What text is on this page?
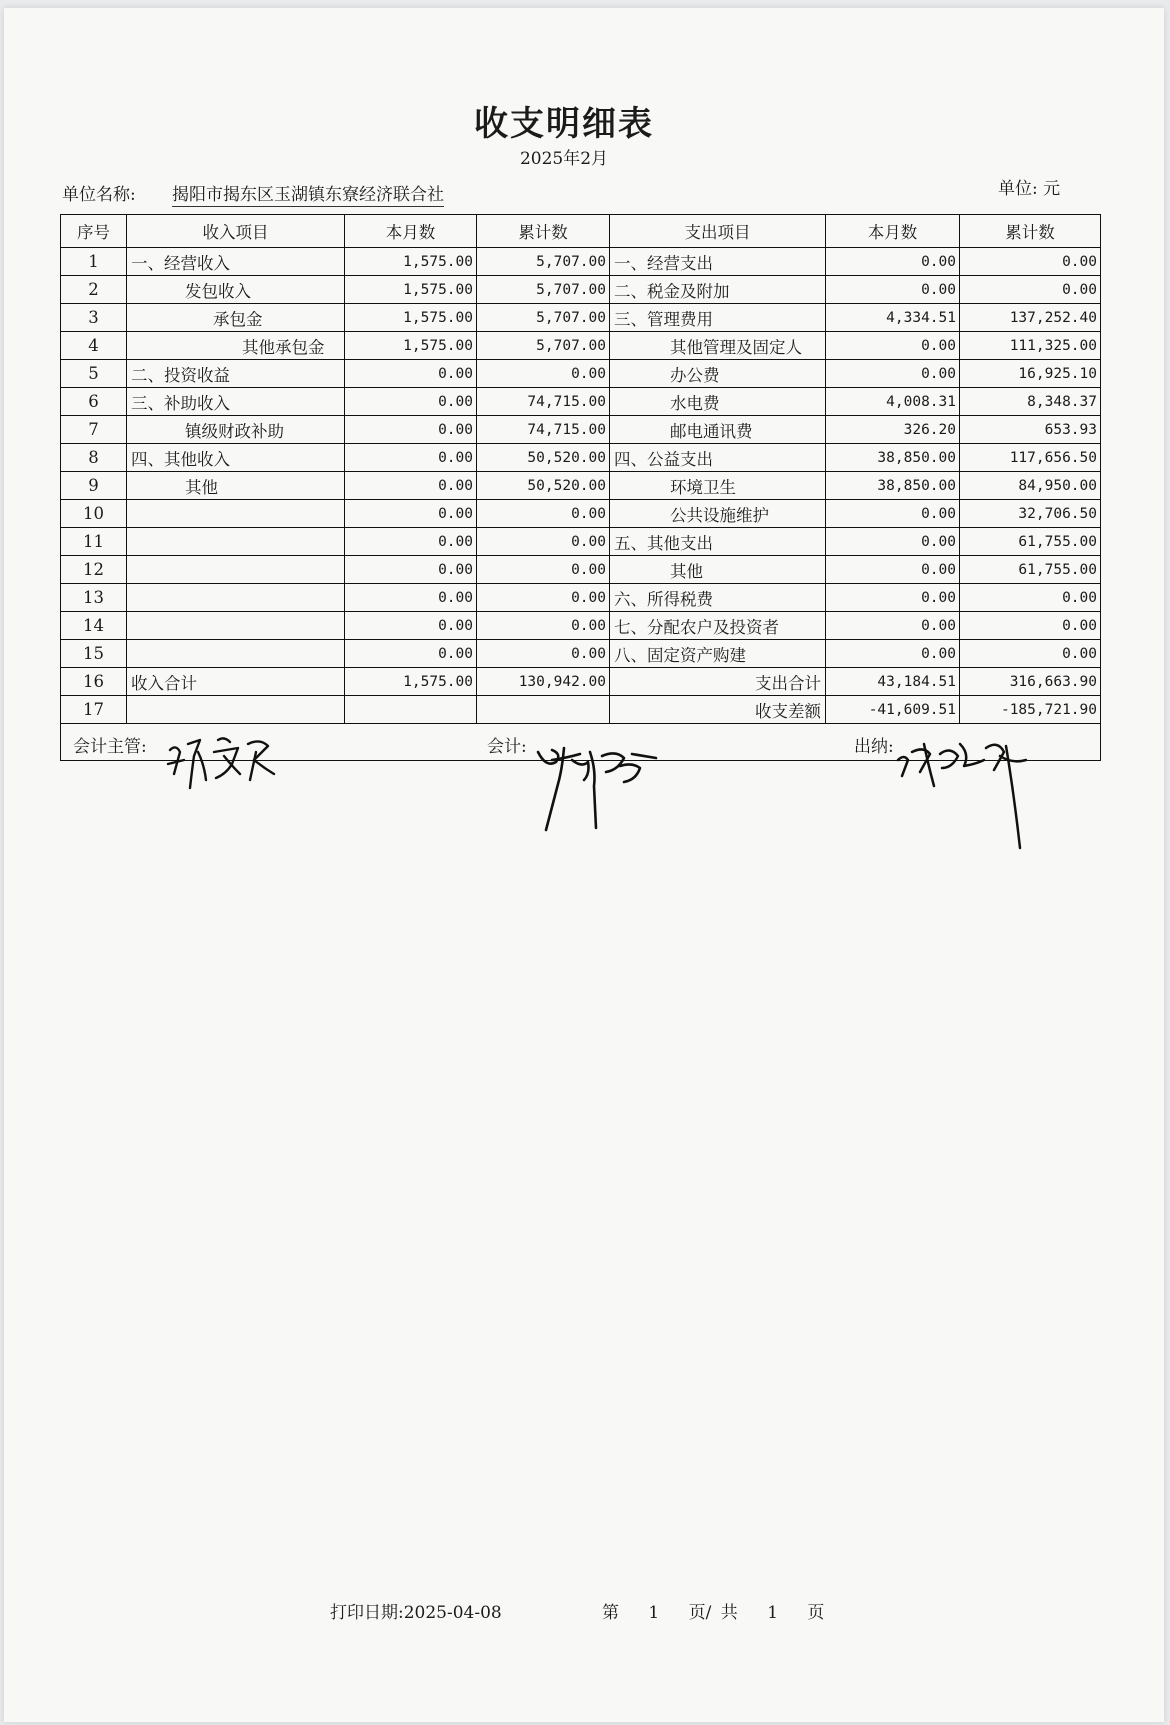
收支明细表
2025年2月
单位名称: 揭阳市揭东区玉湖镇东寮经济联合社	单位: 元
序号	收入项目	本月数	累计数	支出项目	本月数	累计数
1	一、经营收入	1,575.00	5,707.00	一、经营支出	0.00	0.00
2	发包收入	1,575.00	5,707.00	二、税金及附加	0.00	0.00
3	承包金	1,575.00	5,707.00	三、管理费用	4,334.51	137,252.40
4	其他承包金	1,575.00	5,707.00	其他管理及固定人	0.00	111,325.00
5	二、投资收益	0.00	0.00	办公费	0.00	16,925.10
6	三、补助收入	0.00	74,715.00	水电费	4,008.31	8,348.37
7	镇级财政补助	0.00	74,715.00	邮电通讯费	326.20	653.93
8	四、其他收入	0.00	50,520.00	四、公益支出	38,850.00	117,656.50
9	其他	0.00	50,520.00	环境卫生	38,850.00	84,950.00
10		0.00	0.00	公共设施维护	0.00	32,706.50
11		0.00	0.00	五、其他支出	0.00	61,755.00
12		0.00	0.00	其他	0.00	61,755.00
13		0.00	0.00	六、所得税费	0.00	0.00
14		0.00	0.00	七、分配农户及投资者	0.00	0.00
15		0.00	0.00	八、固定资产购建	0.00	0.00
16	收入合计	1,575.00	130,942.00	支出合计	43,184.51	316,663.90
17				收支差额	-41,609.51	-185,721.90

会计主管: 会计: 出纳:						
打印日期:2025-04-08	第 1 页/ 共 1 页
